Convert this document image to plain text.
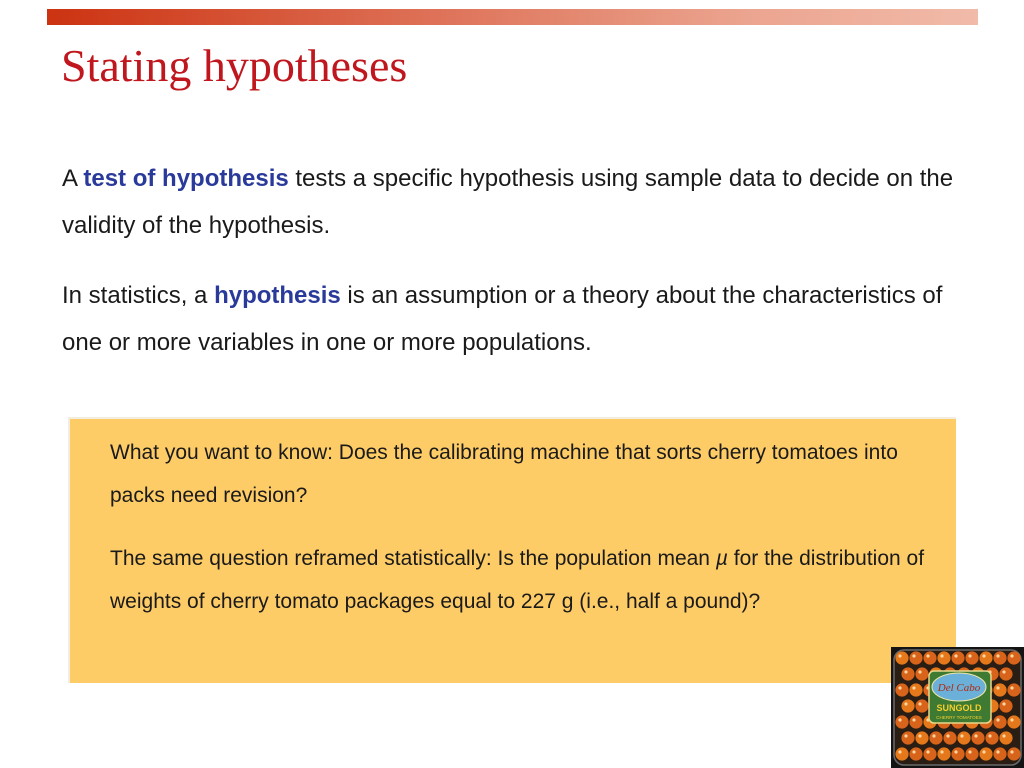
Stating hypotheses

A test of hypothesis tests a specific hypothesis using sample data to decide on the validity of the hypothesis.

In statistics, a hypothesis is an assumption or a theory about the characteristics of one or more variables in one or more populations.

What you want to know: Does the calibrating machine that sorts cherry tomatoes into packs need revision?

The same question reframed statistically: Is the population mean µ for the distribution of weights of cherry tomato packages equal to 227 g (i.e., half a pound)?

Del Cabo
SUNGOLD
CHERRY TOMATOES
